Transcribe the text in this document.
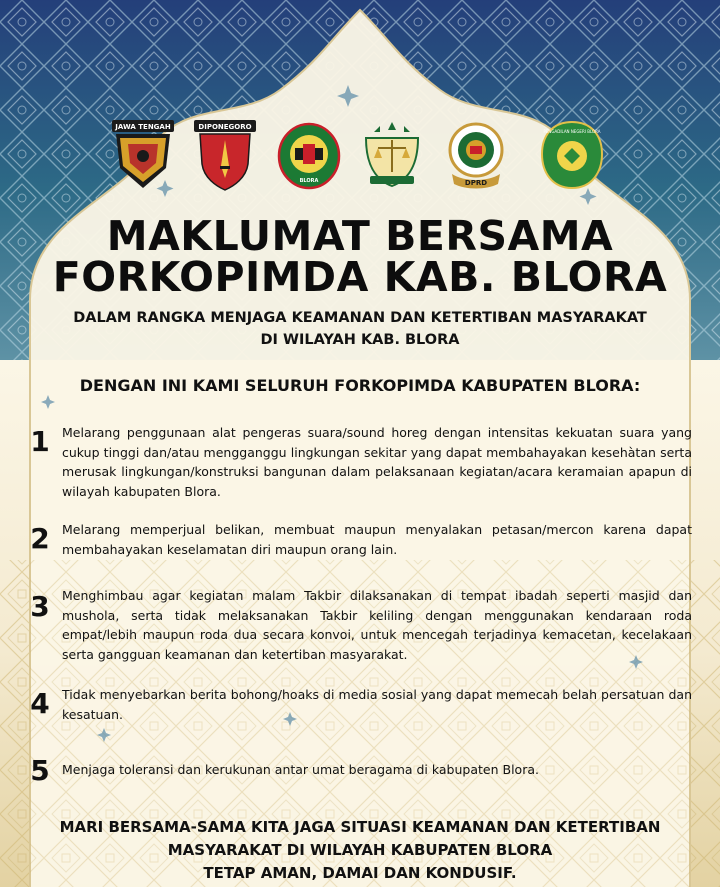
JAWA TENGAH	DIPONEGORO
BLORA	DPRD
PENGADILAN NEGERI BLORA
MAKLUMAT BERSAMA
FORKOPIMDA KAB. BLORA
DALAM RANGKA MENJAGA KEAMANAN DAN KETERTIBAN MASYARAKAT
DI WILAYAH KAB. BLORA
DENGAN INI KAMI SELURUH FORKOPIMDA KABUPATEN BLORA:
1 Melarang penggunaan alat pengeras suara/sound horeg dengan intensitas kekuatan suara yang cukup tinggi dan/atau mengganggu lingkungan sekitar yang dapat membahayakan kesehàtan serta merusak lingkungan/konstruksi bangunan dalam pelaksanaan kegiatan/acara keramaian apapun di wilayah kabupaten Blora.
2 Melarang memperjual belikan, membuat maupun menyalakan petasan/mercon karena dapat membahayakan keselamatan diri maupun orang lain.
3 Menghimbau agar kegiatan malam Takbir dilaksanakan di tempat ibadah seperti masjid dan mushola, serta tidak melaksanakan Takbir keliling dengan menggunakan kendaraan roda empat/lebih maupun roda dua secara konvoi, untuk mencegah terjadinya kemacetan, kecelakaan serta gangguan keamanan dan ketertiban masyarakat.
4 Tidak menyebarkan berita bohong/hoaks di media sosial yang dapat memecah belah persatuan dan kesatuan.
5 Menjaga toleransi dan kerukunan antar umat beragama di kabupaten Blora.
MARI BERSAMA-SAMA KITA JAGA SITUASI KEAMANAN DAN KETERTIBAN
MASYARAKAT DI WILAYAH KABUPATEN BLORA
TETAP AMAN, DAMAI DAN KONDUSIF.
